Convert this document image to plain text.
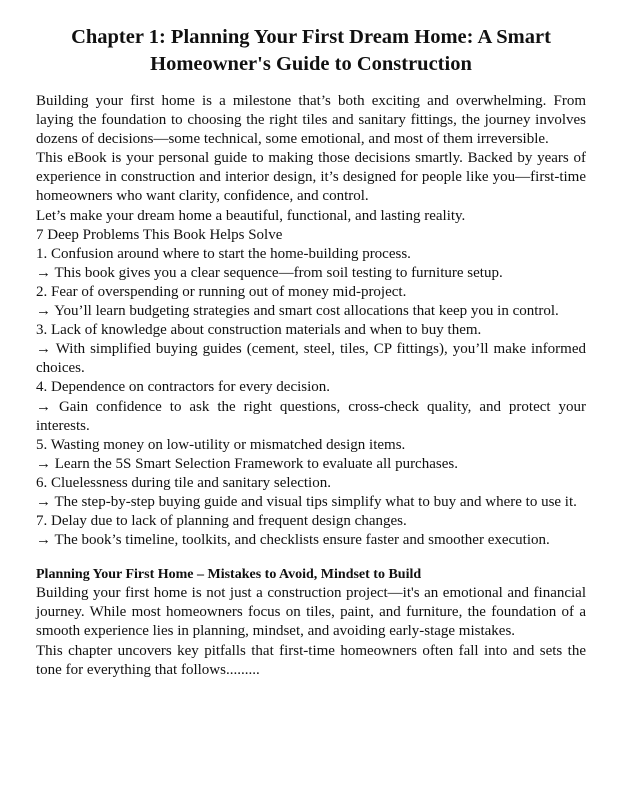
Chapter 1: Planning Your First Dream Home: A Smart
Homeowner's Guide to Construction

Building your first home is a milestone that’s both exciting and overwhelming. From laying the foundation to choosing the right tiles and sanitary fittings, the journey involves dozens of decisions—some technical, some emotional, and most of them irreversible.

This eBook is your personal guide to making those decisions smartly. Backed by years of experience in construction and interior design, it’s designed for people like you—first-time homeowners who want clarity, confidence, and control.

Let’s make your dream home a beautiful, functional, and lasting reality.

7 Deep Problems This Book Helps Solve

1. Confusion around where to start the home-building process.

→ This book gives you a clear sequence—from soil testing to furniture setup.

2. Fear of overspending or running out of money mid-project.

→ You’ll learn budgeting strategies and smart cost allocations that keep you in control.

3. Lack of knowledge about construction materials and when to buy them.

→ With simplified buying guides (cement, steel, tiles, CP fittings), you’ll make informed choices.

4. Dependence on contractors for every decision.

→ Gain confidence to ask the right questions, cross-check quality, and protect your interests.

5. Wasting money on low-utility or mismatched design items.

→ Learn the 5S Smart Selection Framework to evaluate all purchases.

6. Cluelessness during tile and sanitary selection.

→ The step-by-step buying guide and visual tips simplify what to buy and where to use it.

7. Delay due to lack of planning and frequent design changes.

→ The book’s timeline, toolkits, and checklists ensure faster and smoother execution.

Planning Your First Home – Mistakes to Avoid, Mindset to Build

Building your first home is not just a construction project—it's an emotional and financial journey. While most homeowners focus on tiles, paint, and furniture, the foundation of a smooth experience lies in planning, mindset, and avoiding early-stage mistakes.

This chapter uncovers key pitfalls that first-time homeowners often fall into and sets the tone for everything that follows.........
